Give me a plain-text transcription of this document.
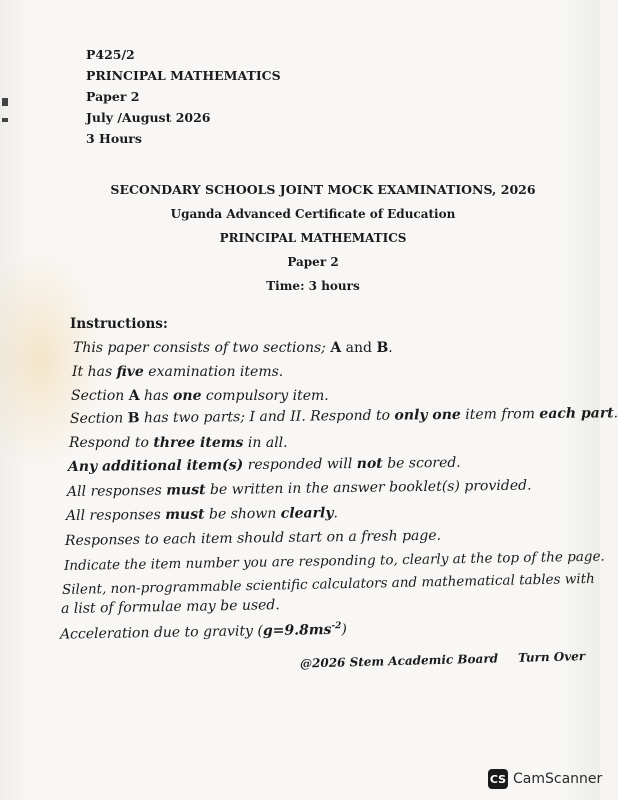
P425/2
PRINCIPAL MATHEMATICS
Paper 2
July /August 2026
3 Hours
SECONDARY SCHOOLS JOINT MOCK EXAMINATIONS, 2026
Uganda Advanced Certificate of Education
PRINCIPAL MATHEMATICS
Paper 2
Time: 3 hours
Instructions:
This paper consists of two sections; A and B.
It has five examination items.
Section A has one compulsory item.
Section B has two parts; I and II. Respond to only one item from each part.
Respond to three items in all.
Any additional item(s) responded will not be scored.
All responses must be written in the answer booklet(s) provided.
All responses must be shown clearly.
Responses to each item should start on a fresh page.
Indicate the item number you are responding to, clearly at the top of the page.
Silent, non-programmable scientific calculators and mathematical tables with
a list of formulae may be used.
Acceleration due to gravity $(g=9.8ms^{-2})$
@2026 Stem Academic Board Turn Over
CS CamScanner
